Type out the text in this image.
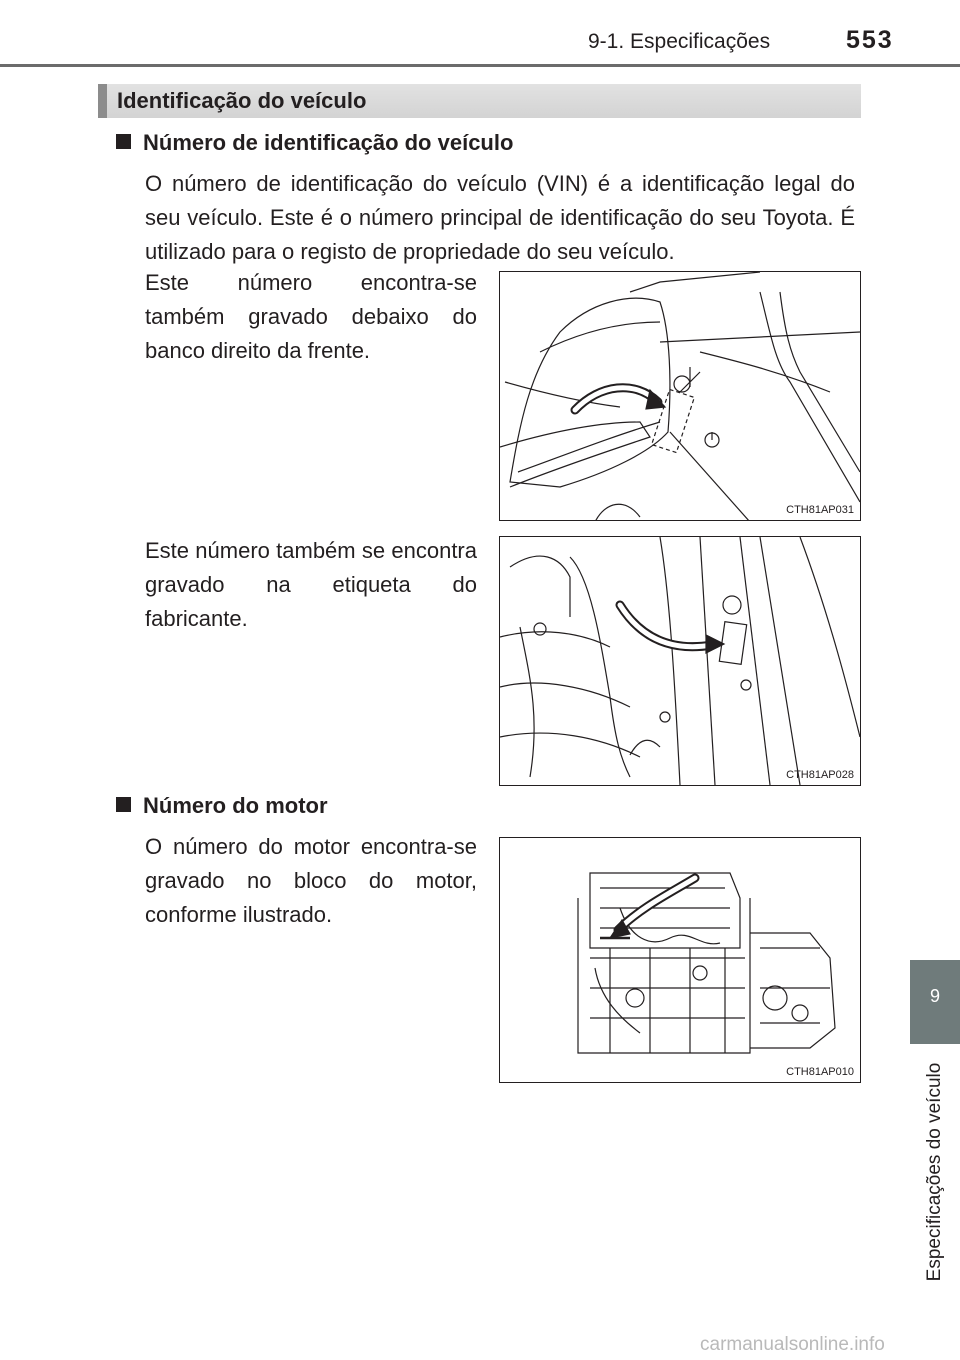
9-1. Especificações	553
Identificação do veículo
Número de identificação do veículo

O número de identificação do veículo (VIN) é a identificação legal do seu veículo. Este é o número principal de identificação do seu Toyota. É utilizado para o registo de propriedade do seu veículo.

Este número encontra-se também gravado debaixo do banco direito da frente.

CTH81AP031

Este número também se encontra gravado na etiqueta do fabricante.

CTH81AP028
Número do motor

O número do motor encontra-se gravado no bloco do motor, conforme ilustrado.

CTH81AP010
9
Especificações do veículo
carmanualsonline.info
